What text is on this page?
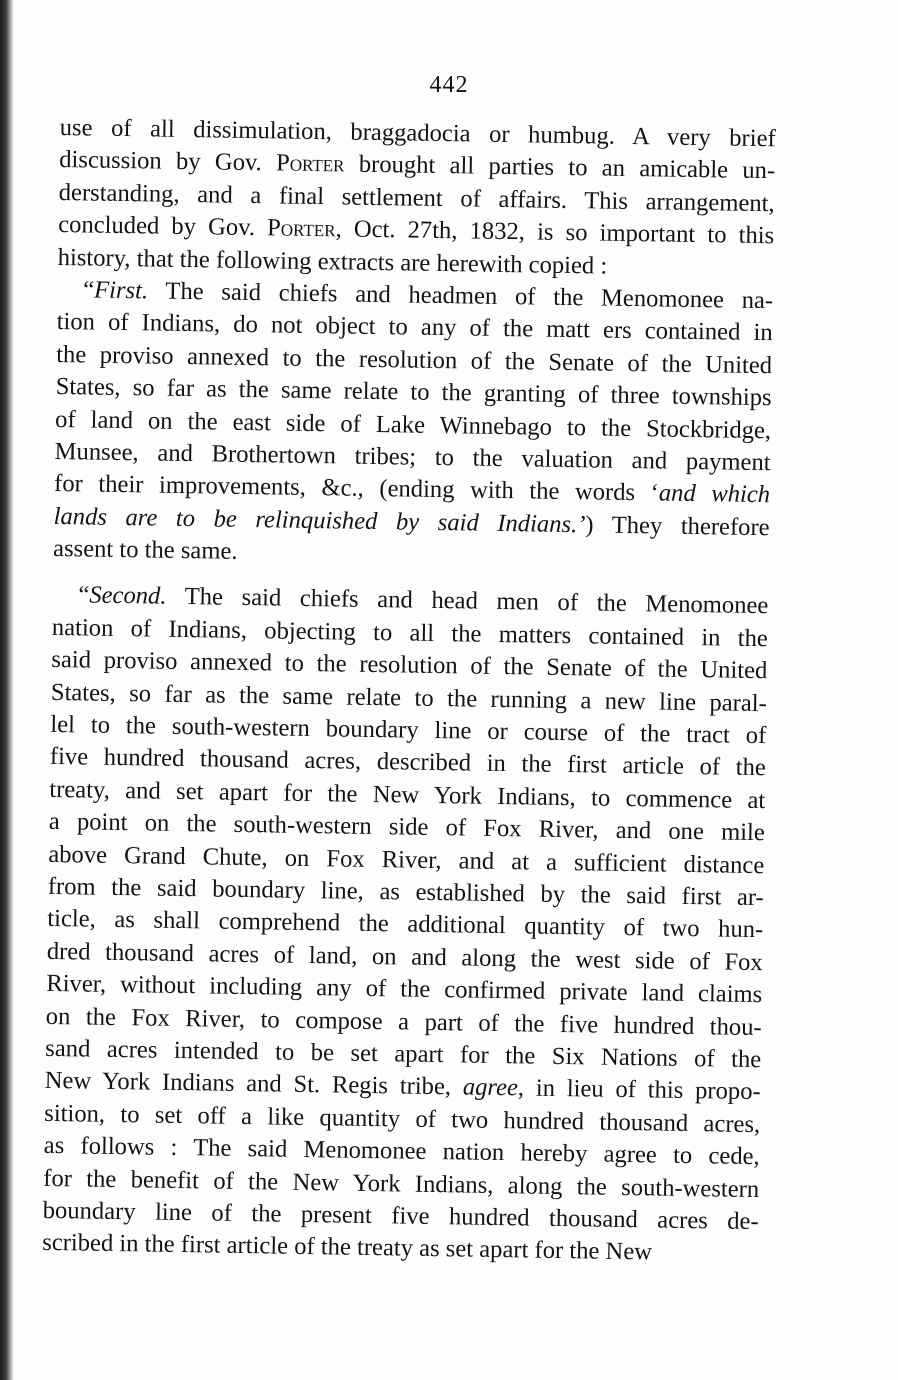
442
use of all dissimulation, braggadocia or humbug. A very brief
discussion by Gov. Porter brought all parties to an amicable un-
derstanding, and a final settlement of affairs. This arrangement,
concluded by Gov. Porter, Oct. 27th, 1832, is so important to this
history, that the following extracts are herewith copied :
“First. The said chiefs and headmen of the Menomonee na-
tion of Indians, do not object to any of the matt ers contained in
the proviso annexed to the resolution of the Senate of the United
States, so far as the same relate to the granting of three townships
of land on the east side of Lake Winnebago to the Stockbridge,
Munsee, and Brothertown tribes; to the valuation and payment
for their improvements, &c., (ending with the words ‘and which
lands are to be relinquished by said Indians.’) They therefore
assent to the same.
“Second. The said chiefs and head men of the Menomonee
nation of Indians, objecting to all the matters contained in the
said proviso annexed to the resolution of the Senate of the United
States, so far as the same relate to the running a new line paral-
lel to the south-western boundary line or course of the tract of
five hundred thousand acres, described in the first article of the
treaty, and set apart for the New York Indians, to commence at
a point on the south-western side of Fox River, and one mile
above Grand Chute, on Fox River, and at a sufficient distance
from the said boundary line, as established by the said first ar-
ticle, as shall comprehend the additional quantity of two hun-
dred thousand acres of land, on and along the west side of Fox
River, without including any of the confirmed private land claims
on the Fox River, to compose a part of the five hundred thou-
sand acres intended to be set apart for the Six Nations of the
New York Indians and St. Regis tribe, agree, in lieu of this propo-
sition, to set off a like quantity of two hundred thousand acres,
as follows : The said Menomonee nation hereby agree to cede,
for the benefit of the New York Indians, along the south-western
boundary line of the present five hundred thousand acres de-
scribed in the first article of the treaty as set apart for the New
